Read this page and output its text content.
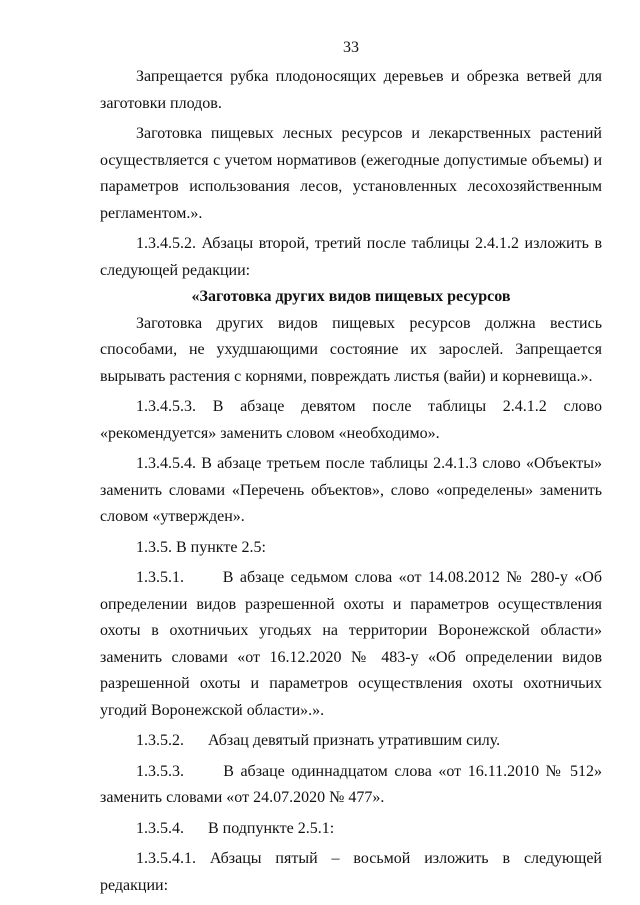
33

Запрещается рубка плодоносящих деревьев и обрезка ветвей для заготовки плодов.

Заготовка пищевых лесных ресурсов и лекарственных растений осуществляется с учетом нормативов (ежегодные допустимые объемы) и параметров использования лесов, установленных лесохозяйственным регламентом.».

1.3.4.5.2. Абзацы второй, третий после таблицы 2.4.1.2 изложить в следующей редакции:

«Заготовка других видов пищевых ресурсов

Заготовка других видов пищевых ресурсов должна вестись способами, не ухудшающими состояние их зарослей. Запрещается вырывать растения с корнями, повреждать листья (вайи) и корневища.».

1.3.4.5.3. В абзаце девятом после таблицы 2.4.1.2 слово «рекомендуется» заменить словом «необходимо».

1.3.4.5.4. В абзаце третьем после таблицы 2.4.1.3 слово «Объекты» заменить словами «Перечень объектов», слово «определены» заменить словом «утвержден».

1.3.5. В пункте 2.5:

1.3.5.1.      В абзаце седьмом слова «от 14.08.2012 № 280-у «Об определении видов разрешенной охоты и параметров осуществления охоты в охотничьих угодьях на территории Воронежской области» заменить словами «от 16.12.2020 № 483-у «Об определении видов разрешенной охоты и параметров осуществления охоты охотничьих угодий Воронежской области».».

1.3.5.2.      Абзац девятый признать утратившим силу.

1.3.5.3.      В абзаце одиннадцатом слова «от 16.11.2010 № 512» заменить словами «от 24.07.2020 № 477».

1.3.5.4.      В подпункте 2.5.1:

1.3.5.4.1. Абзацы пятый – восьмой изложить в следующей редакции:
